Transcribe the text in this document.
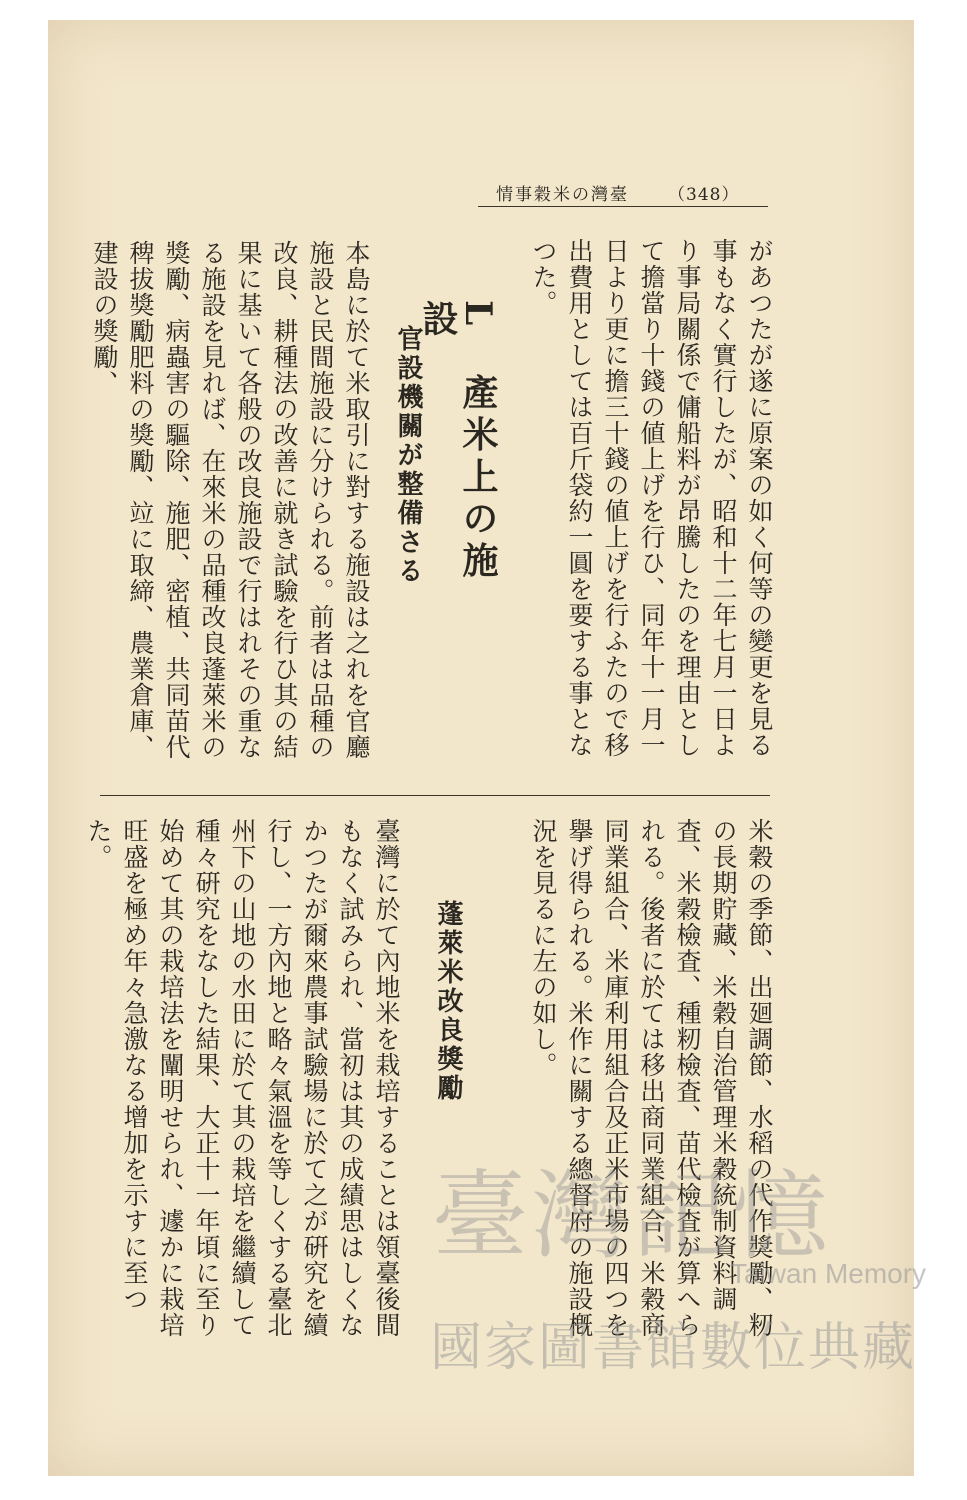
情事穀米の灣臺 （348）
があつたが遂に原案の如く何等の變更を見る事もなく實行したが、昭和十二年七月一日より事局關係で傭船料が昂騰したのを理由として擔當り十錢の値上げを行ひ、同年十一月一日より更に擔三十錢の値上げを行ふたので移出費用としては百斤袋約一圓を要する事となつた。
L　產米上の施設
官設機關が整備さる
本島に於て米取引に對する施設は之れを官廳施設と民間施設に分けられる。前者は品種の改良、耕種法の改善に就き試驗を行ひ其の結果に基いて各般の改良施設で行はれその重なる施設を見れば、在來米の品種改良蓬萊米の獎勵、病蟲害の驅除、施肥、密植、共同苗代稗拔獎勵肥料の獎勵、竝に取締、農業倉庫、建設の獎勵、
米穀の季節、出廻調節、水稻の代作獎勵、籾の長期貯藏、米穀自治管理米穀統制資料調査、米穀檢査、種籾檢査、苗代檢査が算へられる。後者に於ては移出商同業組合、米穀商同業組合、米庫利用組合及正米市場の四つを擧げ得られる。米作に關する總督府の施設槪況を見るに左の如し。
蓬萊米改良獎勵
臺灣に於て內地米を栽培することは領臺後間もなく試みられ、當初は其の成績思はしくなかつたが爾來農事試驗場に於て之が硏究を續行し、一方內地と略々氣溫を等しくする臺北州下の山地の水田に於て其の栽培を繼續して種々硏究をなした結果、大正十一年頃に至り始めて其の栽培法を闡明せられ、遽かに栽培旺盛を極め年々急激なる增加を示すに至つた。
臺灣記憶
Taiwan Memory
國家圖書館數位典藏
